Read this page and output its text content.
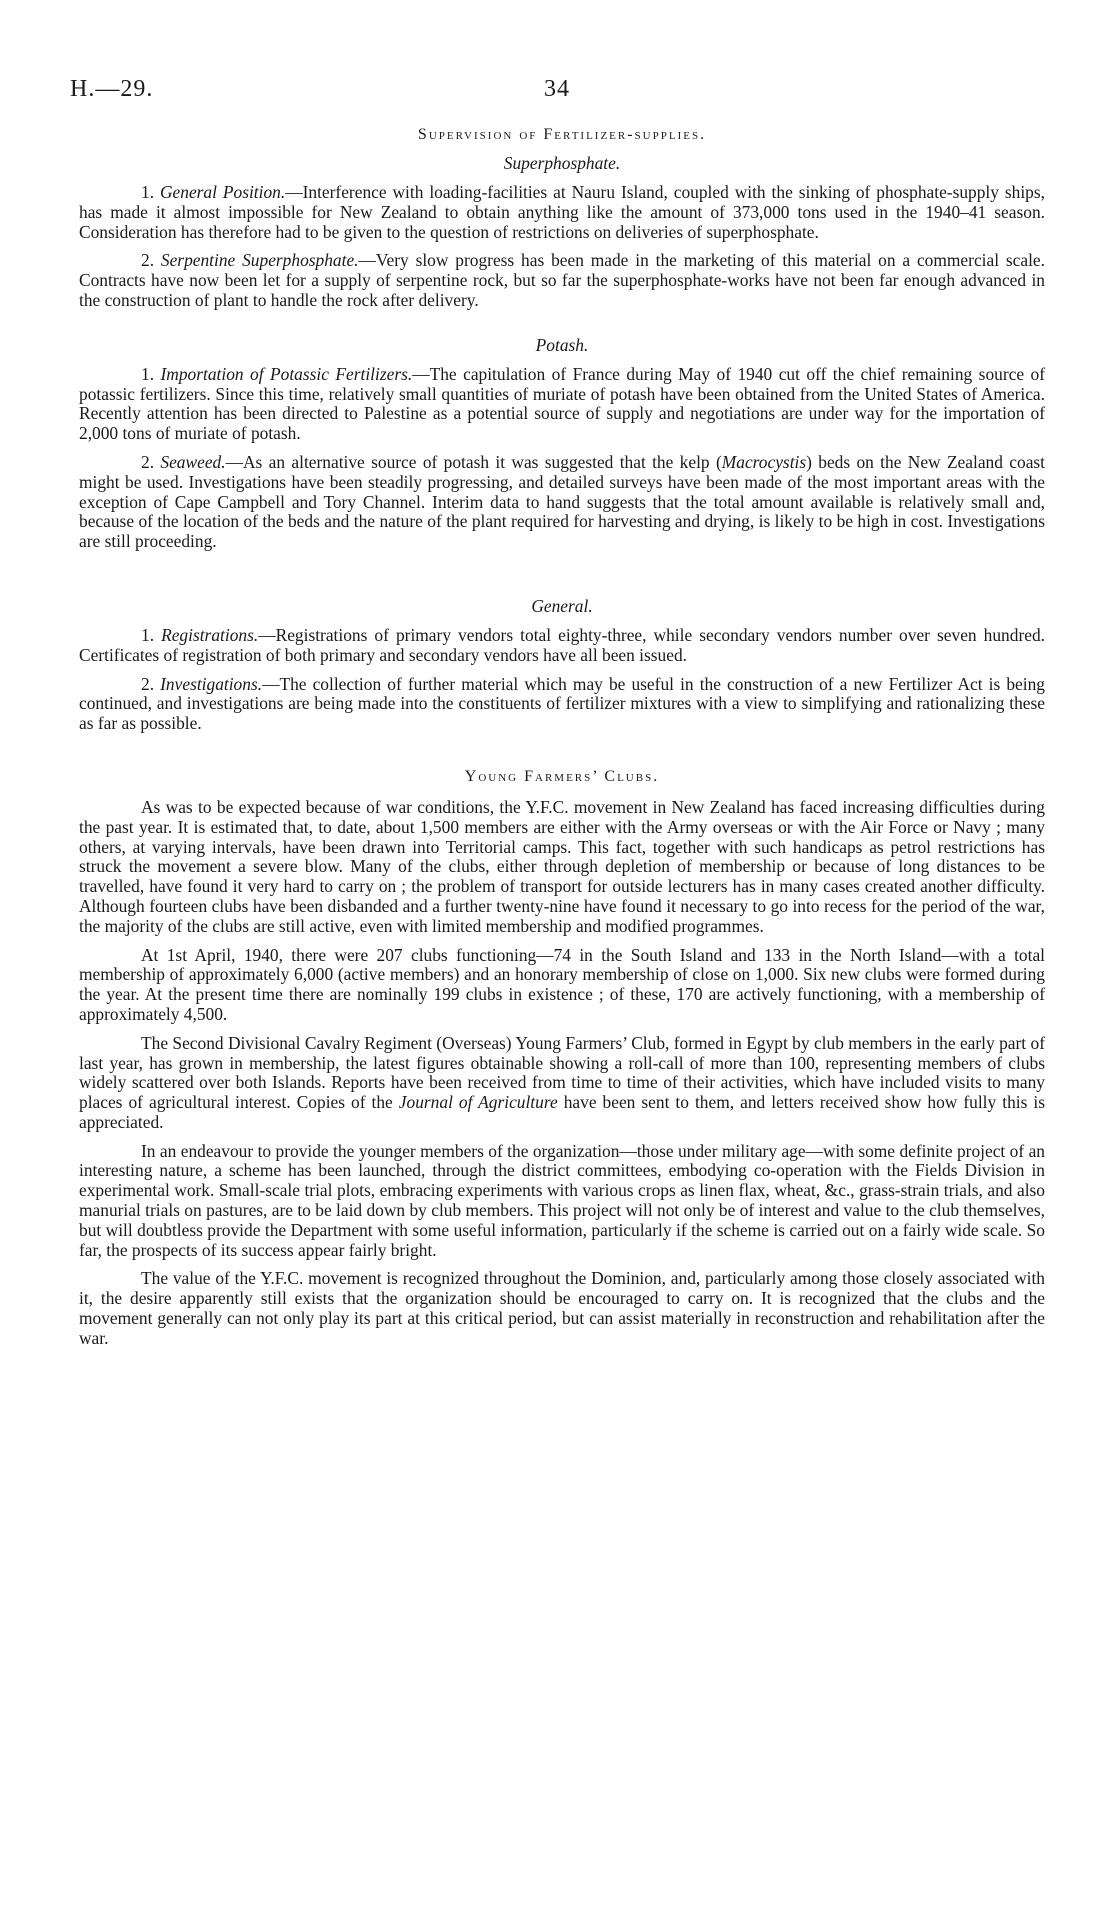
H.—29.	34
Supervision of Fertilizer-supplies.
Superphosphate.

1. General Position.—Interference with loading-facilities at Nauru Island, coupled with the sinking of phosphate-supply ships, has made it almost impossible for New Zealand to obtain anything like the amount of 373,000 tons used in the 1940–41 season. Consideration has therefore had to be given to the question of restrictions on deliveries of superphosphate.

2. Serpentine Superphosphate.—Very slow progress has been made in the marketing of this material on a commercial scale. Contracts have now been let for a supply of serpentine rock, but so far the superphosphate-works have not been far enough advanced in the construction of plant to handle the rock after delivery.

Potash.

1. Importation of Potassic Fertilizers.—The capitulation of France during May of 1940 cut off the chief remaining source of potassic fertilizers. Since this time, relatively small quantities of muriate of potash have been obtained from the United States of America. Recently attention has been directed to Palestine as a potential source of supply and negotiations are under way for the importation of 2,000 tons of muriate of potash.

2. Seaweed.—As an alternative source of potash it was suggested that the kelp (Macrocystis) beds on the New Zealand coast might be used. Investigations have been steadily progressing, and detailed surveys have been made of the most important areas with the exception of Cape Campbell and Tory Channel. Interim data to hand suggests that the total amount available is relatively small and, because of the location of the beds and the nature of the plant required for harvesting and drying, is likely to be high in cost. Investigations are still proceeding.

General.

1. Registrations.—Registrations of primary vendors total eighty-three, while secondary vendors number over seven hundred. Certificates of registration of both primary and secondary vendors have all been issued.

2. Investigations.—The collection of further material which may be useful in the construction of a new Fertilizer Act is being continued, and investigations are being made into the constituents of fertilizer mixtures with a view to simplifying and rationalizing these as far as possible.

Young Farmers’ Clubs.

As was to be expected because of war conditions, the Y.F.C. movement in New Zealand has faced increasing difficulties during the past year. It is estimated that, to date, about 1,500 members are either with the Army overseas or with the Air Force or Navy ; many others, at varying intervals, have been drawn into Territorial camps. This fact, together with such handicaps as petrol restrictions has struck the movement a severe blow. Many of the clubs, either through depletion of membership or because of long distances to be travelled, have found it very hard to carry on ; the problem of transport for outside lecturers has in many cases created another difficulty. Although fourteen clubs have been disbanded and a further twenty-nine have found it necessary to go into recess for the period of the war, the majority of the clubs are still active, even with limited membership and modified programmes.

At 1st April, 1940, there were 207 clubs functioning—74 in the South Island and 133 in the North Island—with a total membership of approximately 6,000 (active members) and an honorary membership of close on 1,000. Six new clubs were formed during the year. At the present time there are nominally 199 clubs in existence ; of these, 170 are actively functioning, with a membership of approximately 4,500.

The Second Divisional Cavalry Regiment (Overseas) Young Farmers’ Club, formed in Egypt by club members in the early part of last year, has grown in membership, the latest figures obtainable showing a roll-call of more than 100, representing members of clubs widely scattered over both Islands. Reports have been received from time to time of their activities, which have included visits to many places of agricultural interest. Copies of the Journal of Agriculture have been sent to them, and letters received show how fully this is appreciated.

In an endeavour to provide the younger members of the organization—those under military age—with some definite project of an interesting nature, a scheme has been launched, through the district committees, embodying co-operation with the Fields Division in experimental work. Small-scale trial plots, embracing experiments with various crops as linen flax, wheat, &c., grass-strain trials, and also manurial trials on pastures, are to be laid down by club members. This project will not only be of interest and value to the club themselves, but will doubtless provide the Department with some useful information, particularly if the scheme is carried out on a fairly wide scale. So far, the prospects of its success appear fairly bright.

The value of the Y.F.C. movement is recognized throughout the Dominion, and, particularly among those closely associated with it, the desire apparently still exists that the organization should be encouraged to carry on. It is recognized that the clubs and the movement generally can not only play its part at this critical period, but can assist materially in reconstruction and rehabilitation after the war.
